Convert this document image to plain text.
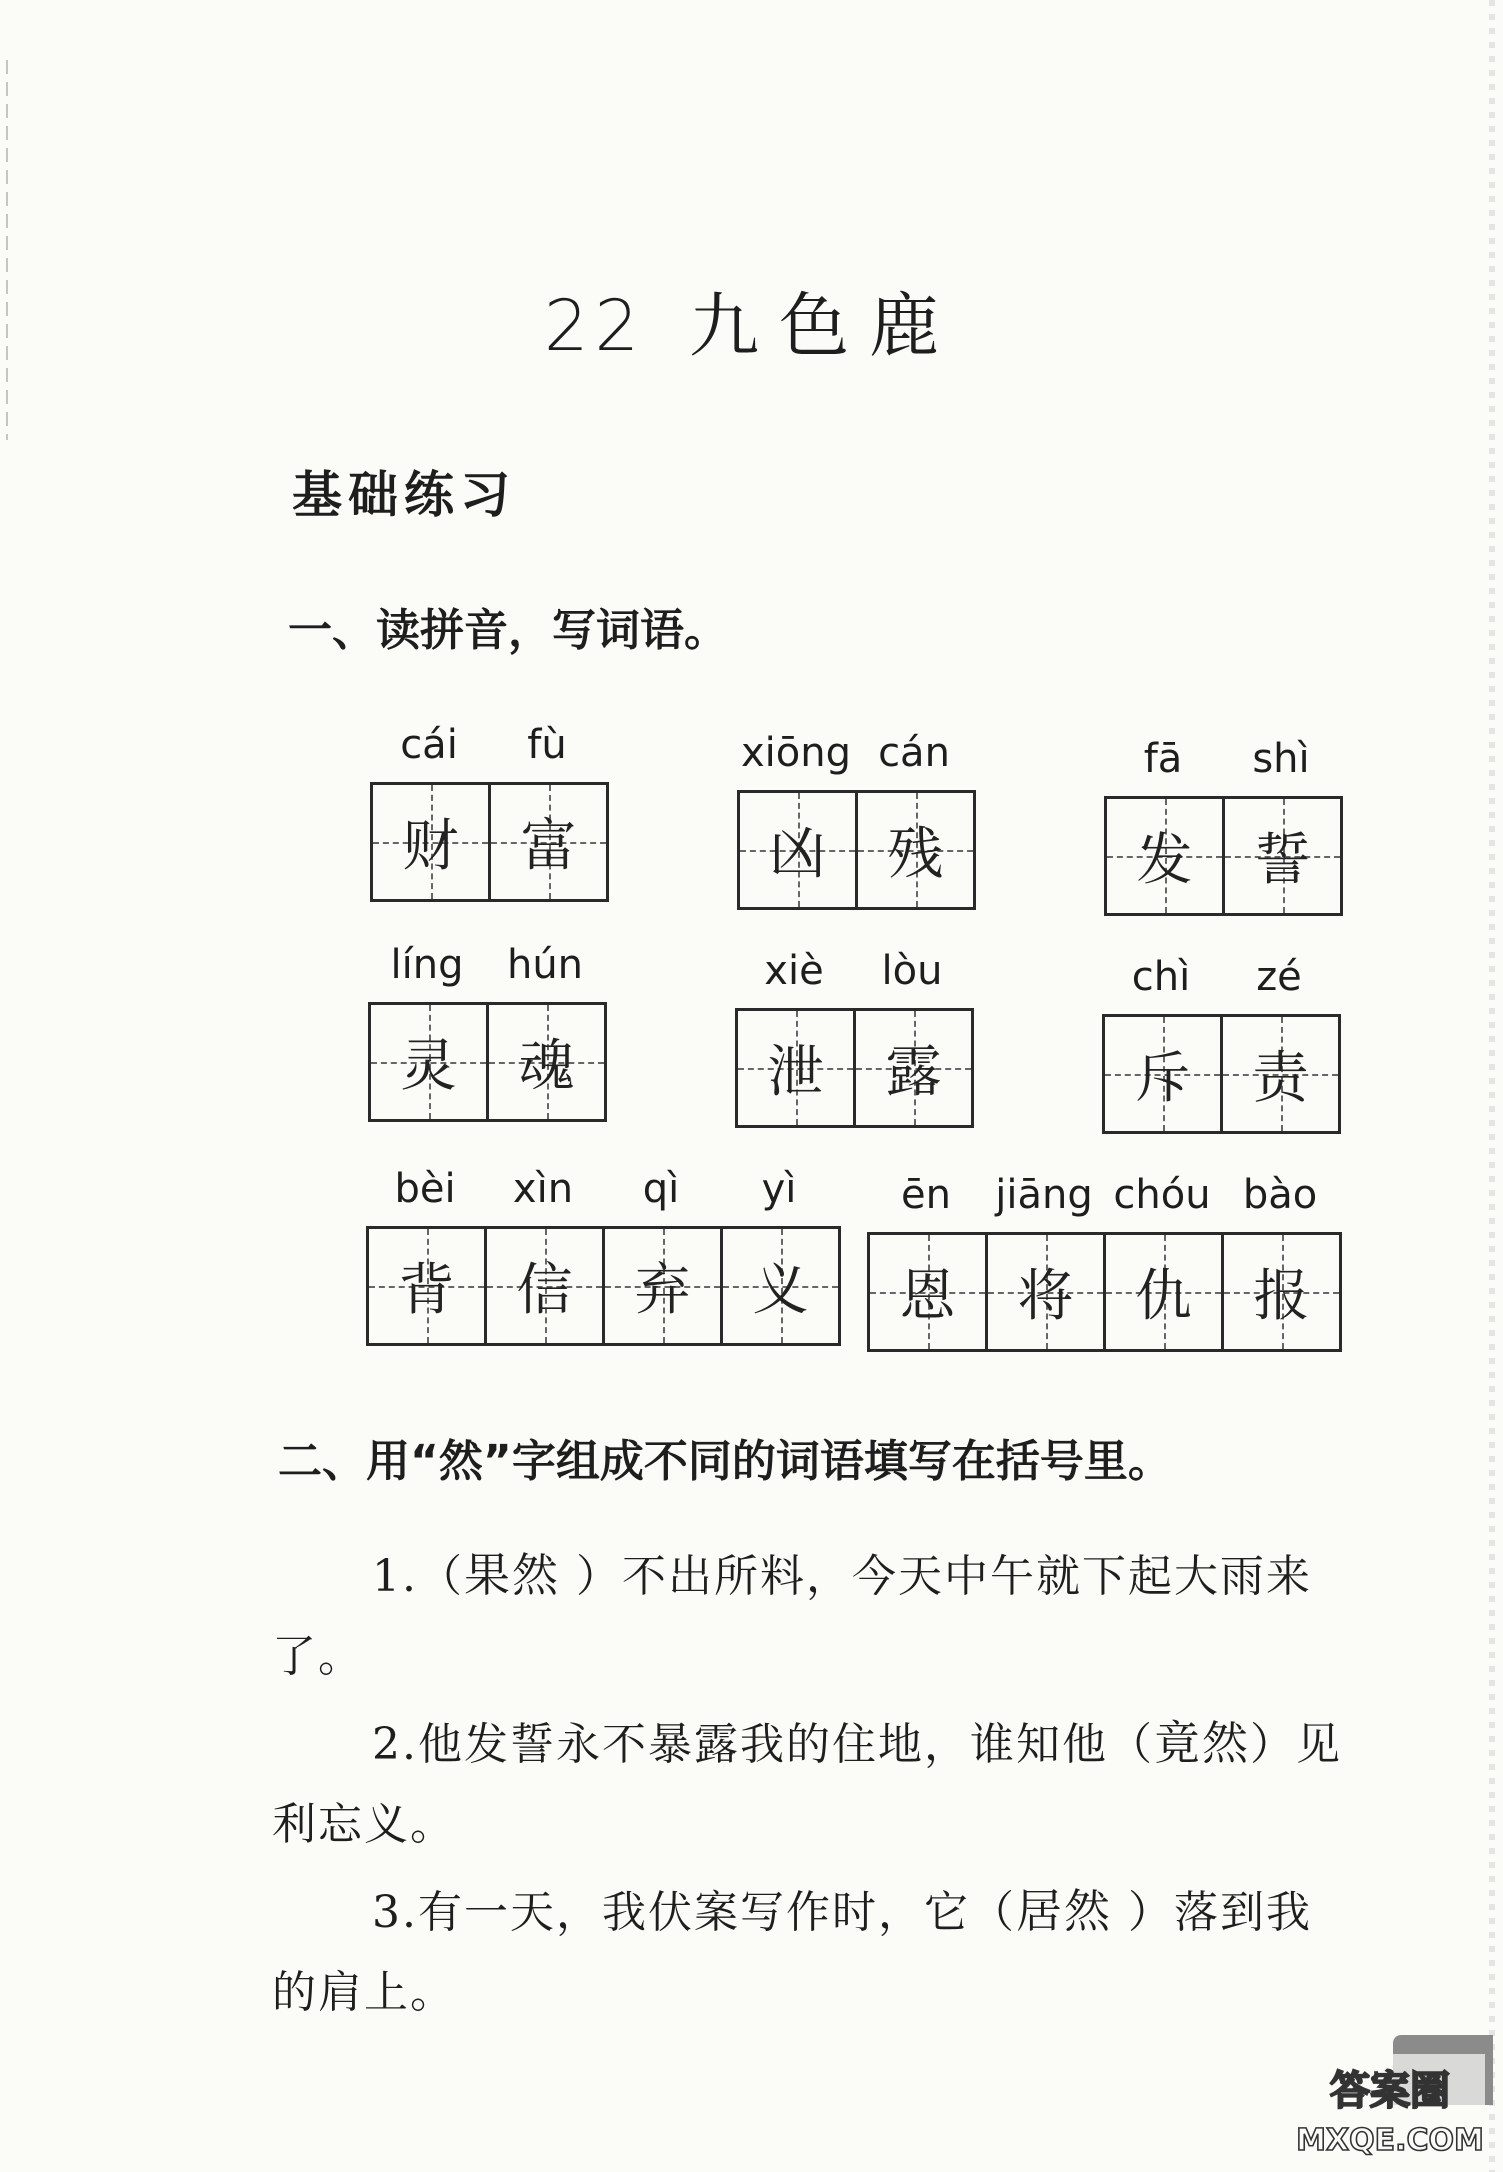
22 九色鹿
基础练习
一、读拼音，写词语。
cái	fù
财 富
xiōng cán
凶 残
fā	shì
发 誓
líng	hún
灵 魂
xiè	lòu
泄 露
chì	zé
斥 责
bèi	xìn	qì	yì
背 信 弃 义
ēn	jiāng chóu bào
恩 将 仇 报
二、用“然”字组成不同的词语填写在括号里。

1.（果然 ）不出所料，今天中午就下起大雨来了。

2.他发誓永不暴露我的住地，谁知他（竟然）见利忘义。

3.有一天，我伏案写作时，它（居然 ）落到我的肩上。

答案圈
MXQE.COM
